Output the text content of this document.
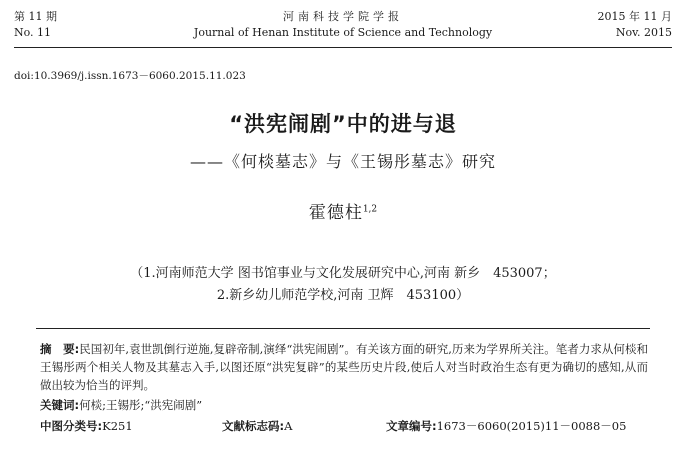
第 11 期	河南科技学院学报	2015 年 11 月
No. 11	Journal of Henan Institute of Science and Technology	Nov. 2015
doi:10.3969/j.issn.1673－6060.2015.11.023
“洪宪闹剧”中的进与退
——《何棪墓志》与《王锡彤墓志》研究
霍德柱$^{1,2}$
（1.河南师范大学 图书馆事业与文化发展研究中心,河南 新乡　453007；
2.新乡幼儿师范学校,河南 卫辉　453100）
摘　要:民国初年,袁世凯倒行逆施,复辟帝制,演绎“洪宪闹剧”。有关该方面的研究,历来为学界所关注。笔者力求从何棪和王锡彤两个相关人物及其墓志入手,以图还原“洪宪复辟”的某些历史片段,使后人对当时政治生态有更为确切的感知,从而做出较为恰当的评判。
关键词:何棪;王锡彤;“洪宪闹剧”
中图分类号:K251	文献标志码:A	文章编号:1673－6060(2015)11－0088－05
